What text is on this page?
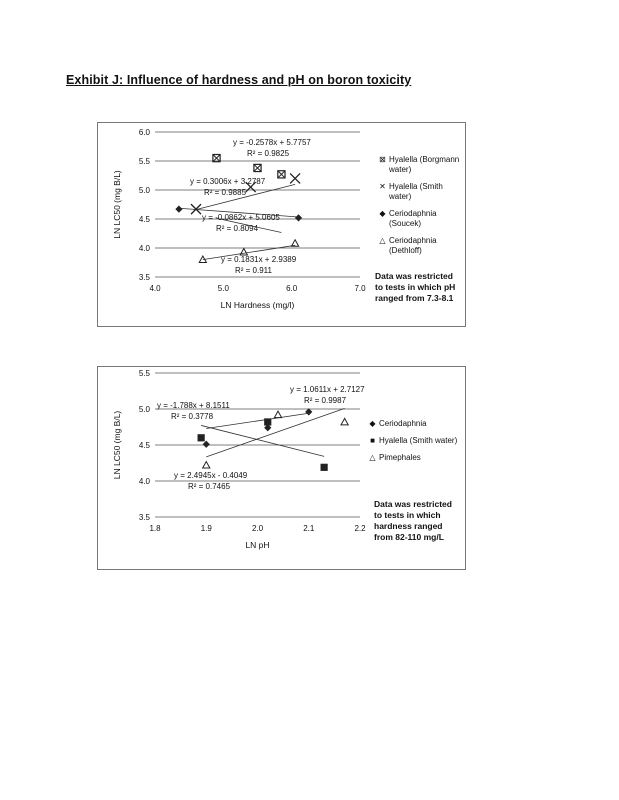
Exhibit J: Influence of hardness and pH on boron toxicity
3.5
4.0
4.5
5.0
5.5
6.0
4.0	5.0	6.0	7.0
LN Hardness (mg/l)
LN LC50 (mg B/L)
y = -0.2578x + 5.7757
R² = 0.9825
y = 0.3006x + 3.2787
R² = 0.9885
y = -0.0862x + 5.0605
R² = 0.8094
y = 0.1831x + 2.9389
R² = 0.911
⊠ Hyalella (Borgmann water)
✕ Hyalella (Smith water)
◆ Ceriodaphnia (Soucek)
△ Ceriodaphnia (Dethloff)
Data was restricted to tests in which pH ranged from 7.3-8.1
3.5
4.0
4.5
5.0
5.5
1.8	1.9	2.0	2.1	2.2
LN pH
LN LC50 (mg B/L)
y = 1.0611x + 2.7127
R² = 0.9987
y = -1.788x + 8.1511
R² = 0.3778
y = 2.4945x - 0.4049
R² = 0.7465
◆ Ceriodaphnia
■ Hyalella (Smith water)
△ Pimephales
Data was restricted to tests in which hardness ranged from 82-110 mg/L
